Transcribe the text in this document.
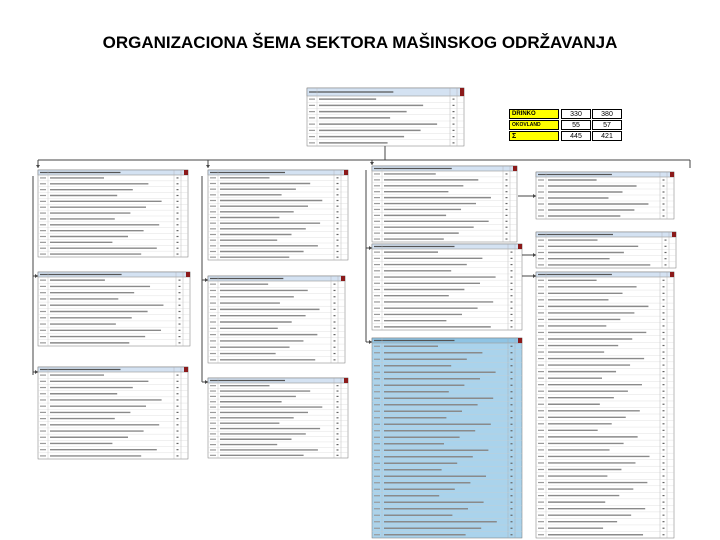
ORGANIZACIONA ŠEMA SEKTORA MAŠINSKOG ODRŽAVANJA
DRINKO	330	380
OKOVLAND	55	57
Σ	445	421
